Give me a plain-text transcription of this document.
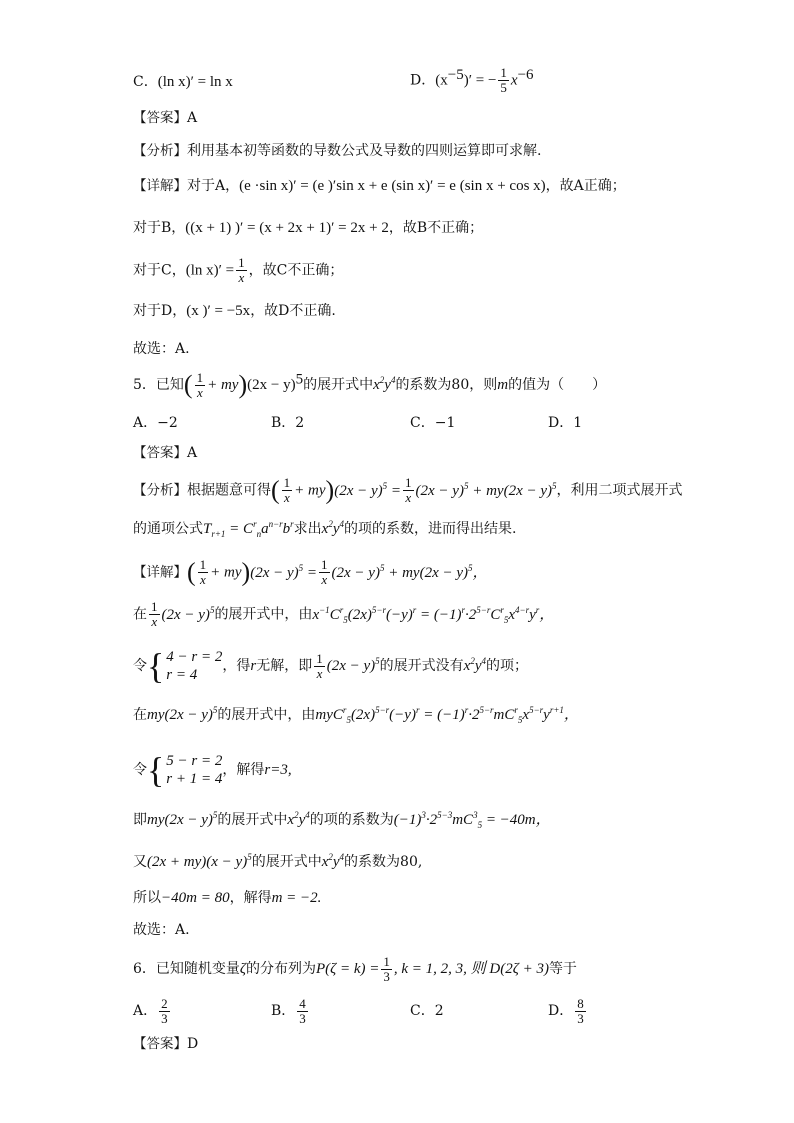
C．(ln x)′ = ln x	D．$(x^{-5})'$ = − $\frac{1}{5} x^{-6}$
【答案】A
【分析】利用基本初等函数的导数公式及导数的四则运算即可求解.
【详解】对于A，(e ·sin x)′ = (e )′sin x + e (sin x)′ = e (sin x + cos x)，故A正确；
对于B，((x + 1) )′ = (x + 2x + 1)′ = 2x + 2，故B不正确；
对于C，(ln $x)' = \frac{1}{x}$ ，故C不正确；
对于D，(x )′ = −5x，故D不正确.
故选：A.
5．已知( $\frac{1}{x} + my)(2x - y)^5$的展开式中$x^2y^4$的系数为80，则m的值为（　　）
A．−2	B．2	C．−1	D．1
【答案】A
【分析】根据题意可得( $\frac{1}{x} + my)(2x - y)^5 = \frac{1}{x} (2x - y)^5 + my(2x - y)^5$，利用二项式展开式
的通项公式$T_{r+1} = C^r_na^{n-r}b^r$求出$x^2y^4$的项的系数，进而得出结果.
【详解】( $\frac{1}{x} + my)(2x - y)^5 = \frac{1}{x} (2x - y)^5 + my(2x - y)^5$，
在 $\frac{1}{x} (2x - y)^5$的展开式中，由$x^{-1}C^r_5(2x)^{5-r}(-y)^r = (-1)^r\cdot 2^{5-r}C^r_5x^{4-r}y^r$，
令 { 4 − r = 2
r = 4
，得r无解，即 $\frac{1}{x} (2x - y)^5$的展开式没有$x^2y^4$的项；
在$my(2x - y)^5$的展开式中，由$myC^r_5(2x)^{5-r}(-y)^r = (-1)^r\cdot 2^{5-r}mC^r_5x^{5-r}y^{r+1}$，
令 { 5 − r = 2
r + 1 = 4
，解得r=3,
即$my(2x - y)^5$的展开式中$x^2y^4$的项的系数为$(-1)^3\cdot 2^{5-3}mC^3_5 = -40m$，
又$(2x + my)(x - y)^5$的展开式中$x^2y^4$的系数为80,
所以−40m = 80，解得m = −2.
故选：A.
6．已知随机变量ζ的分布列为$P(\zeta = k) = \frac{1}{3}$ , k = 1, 2, 3, 则 D(2ζ + 3)等于
A． $\frac{2}{3}$	B． $\frac{4}{3}$	C．2	D． $\frac{8}{3}$
【答案】D
